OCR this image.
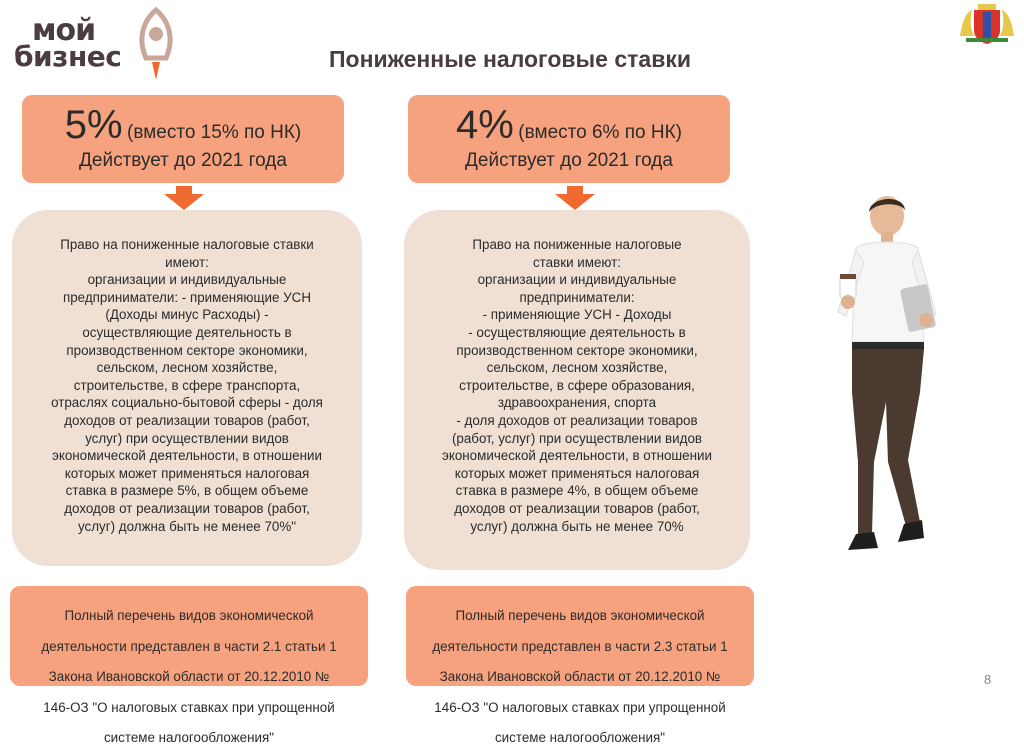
мой
бизнес	Пониженные налоговые ставки
5% (вместо 15% по НК)
Действует до 2021 года

Право на пониженные налоговые ставки

имеют:

организации и индивидуальные

предприниматели: - применяющие УСН

(Доходы минус Расходы) -

осуществляющие деятельность в

производственном секторе экономики,

сельском, лесном хозяйстве,

строительстве, в сфере транспорта,

отраслях социально-бытовой сферы - доля

доходов от реализации товаров (работ,

услуг) при осуществлении видов

экономической деятельности, в отношении

которых может применяться налоговая

ставка в размере 5%, в общем объеме

доходов от реализации товаров (работ,

услуг) должна быть не менее 70%"

Полный перечень видов экономической

деятельности представлен в части 2.1 статьи 1

Закона Ивановской области от 20.12.2010 №

146-ОЗ "О налоговых ставках при упрощенной

системе налогообложения"

4% (вместо 6% по НК)
Действует до 2021 года

Право на пониженные налоговые

ставки имеют:

организации и индивидуальные

предприниматели:

- применяющие УСН - Доходы

- осуществляющие деятельность в

производственном секторе экономики,

сельском, лесном хозяйстве,

строительстве, в сфере образования,

здравоохранения, спорта

- доля доходов от реализации товаров

(работ, услуг) при осуществлении видов

экономической деятельности, в отношении

которых может применяться налоговая

ставка в размере 4%, в общем объеме

доходов от реализации товаров (работ,

услуг) должна быть не менее 70%

Полный перечень видов экономической

деятельности представлен в части 2.3 статьи 1

Закона Ивановской области от 20.12.2010 №

146-ОЗ "О налоговых ставках при упрощенной

системе налогообложения"

8
